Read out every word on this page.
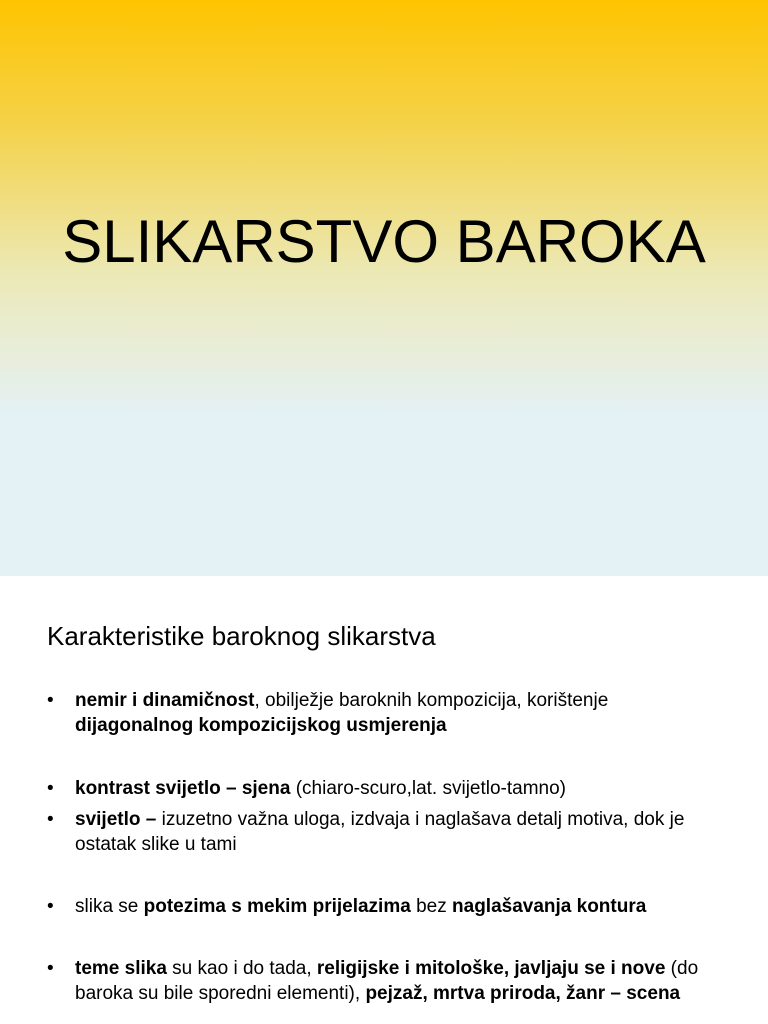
SLIKARSTVO BAROKA
Karakteristike baroknog slikarstva
•	nemir i dinamičnost, obilježje baroknih kompozicija, korištenje
dijagonalnog kompozicijskog usmjerenja
•	kontrast svijetlo – sjena (chiaro-scuro,lat. svijetlo-tamno)
•	svijetlo – izuzetno važna uloga, izdvaja i naglašava detalj motiva, dok je ostatak slike u tami
•	slika se potezima s mekim prijelazima bez naglašavanja kontura
•	teme slika su kao i do tada, religijske i mitološke, javljaju se i nove (do baroka su bile sporedni elementi), pejzaž, mrtva priroda, žanr – scena
